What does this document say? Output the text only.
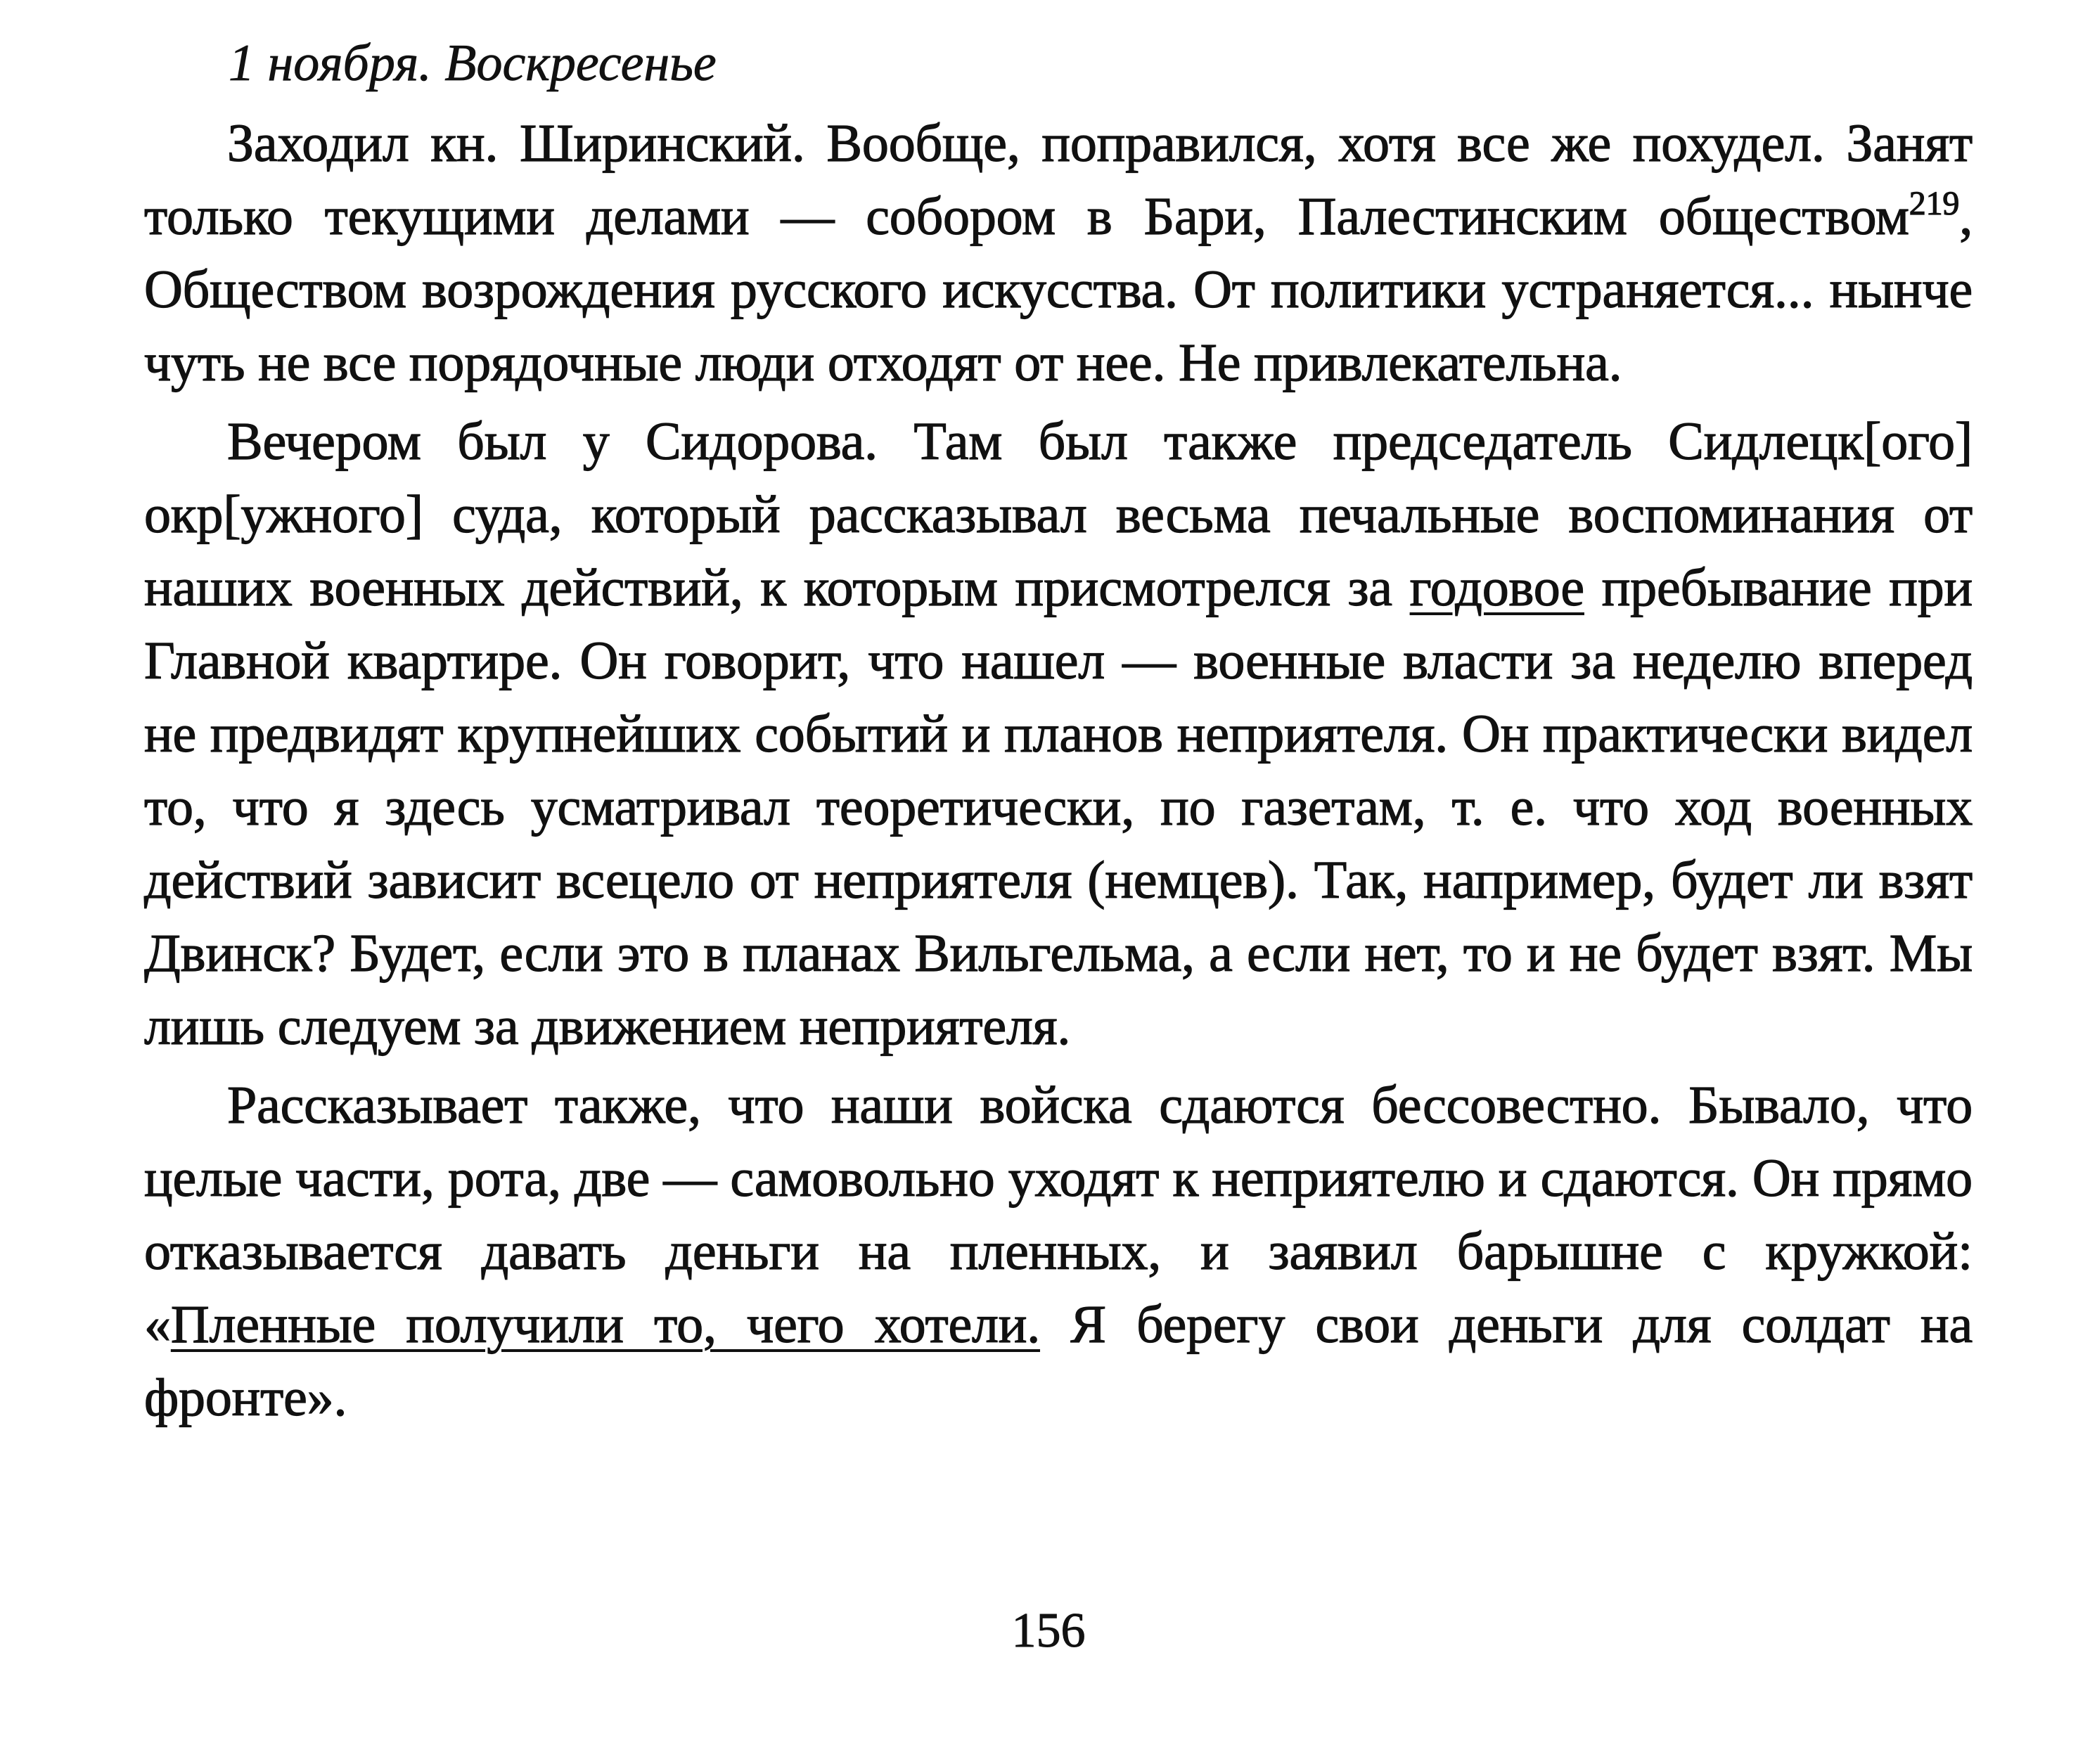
1 ноября. Воскресенье

Заходил кн. Ширинский. Вообще, поправился, хотя все же похудел. Занят только текущими делами — собором в Бари, Палестинским обществом$^{219}$, Обществом возрождения русского искусства. От политики устраняется... нынче чуть не все порядочные люди отходят от нее. Не привлекательна.

Вечером был у Сидорова. Там был также председатель Сидлецк[ого] окр[ужного] суда, который рассказывал весьма печальные воспоминания от наших военных действий, к которым присмотрелся за годовое пребывание при Главной квартире. Он говорит, что нашел — военные власти за неделю вперед не предвидят крупнейших событий и планов неприятеля. Он практически видел то, что я здесь усматривал теоретически, по газетам, т. е. что ход военных действий зависит всецело от неприятеля (немцев). Так, например, будет ли взят Двинск? Будет, если это в планах Вильгельма, а если нет, то и не будет взят. Мы лишь следуем за движением неприятеля.

Рассказывает также, что наши войска сдаются бессовестно. Бывало, что целые части, рота, две — самовольно уходят к неприятелю и сдаются. Он прямо отказывается давать деньги на пленных, и заявил барышне с кружкой: «Пленные получили то, чего хотели. Я берегу свои деньги для солдат на фронте».

156
